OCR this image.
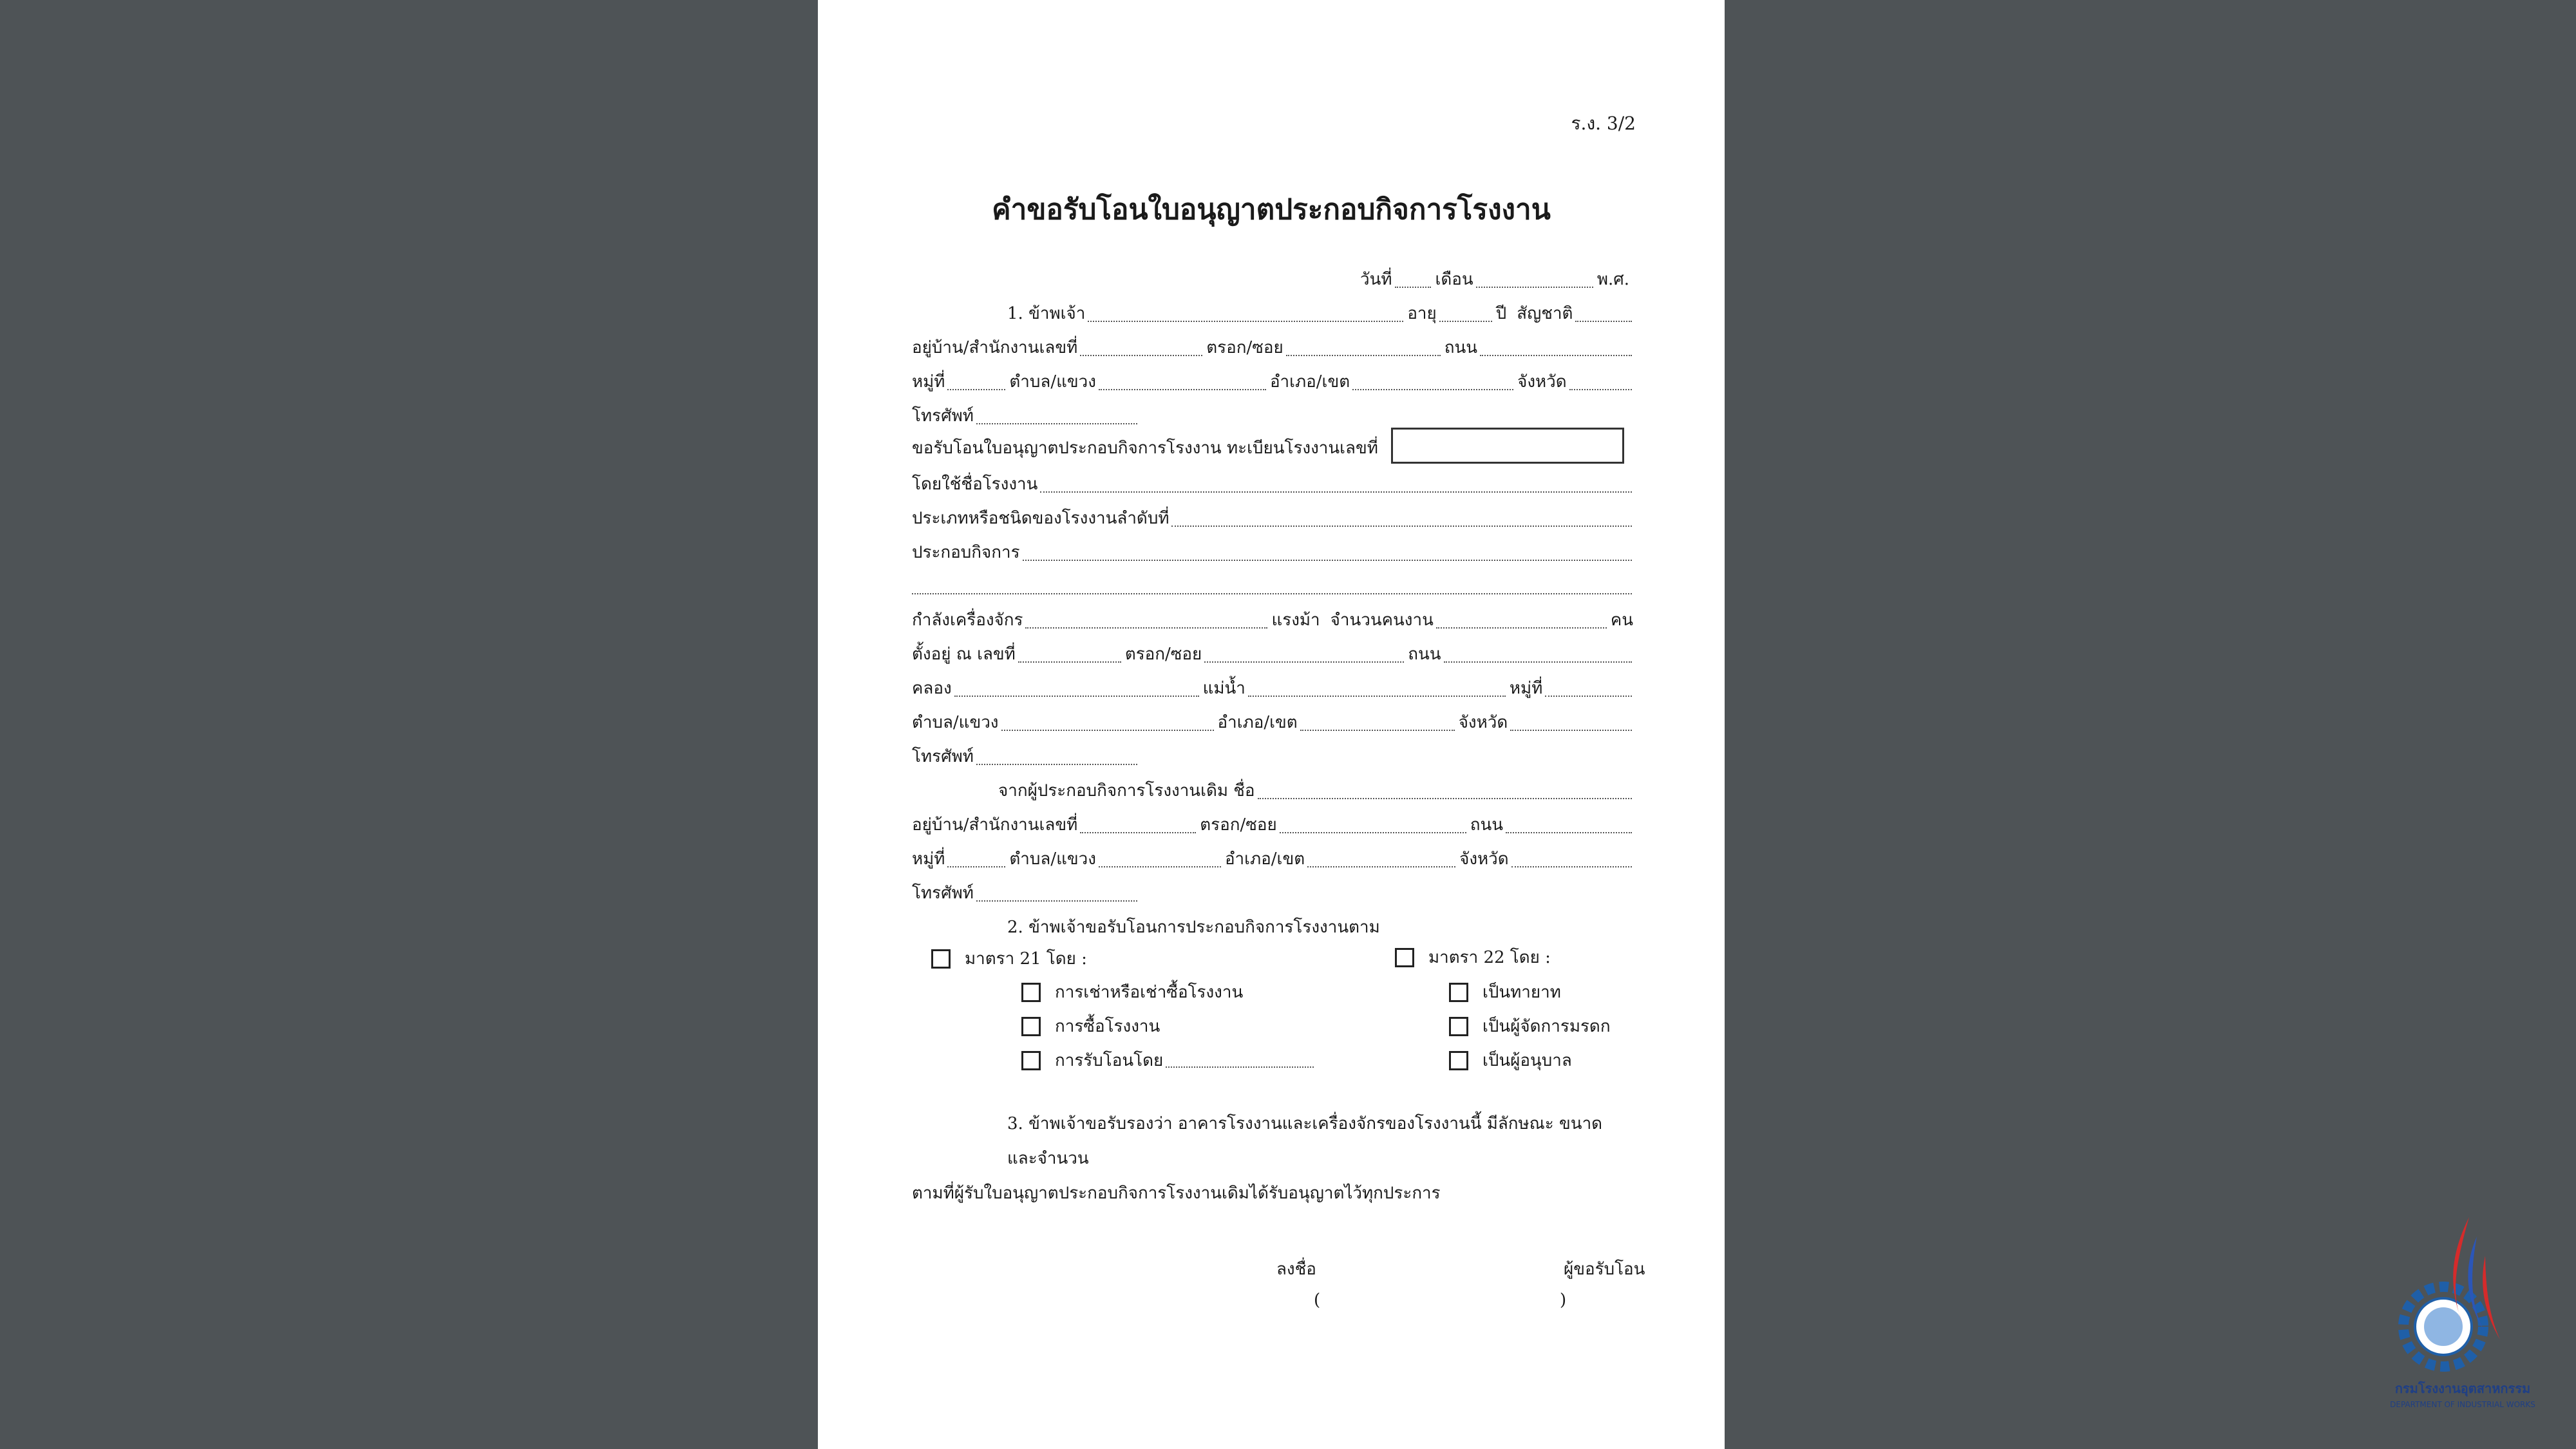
ร.ง. 3/2
คำขอรับโอนใบอนุญาตประกอบกิจการโรงงาน
วันที่	เดือน	พ.ศ.
1. ข้าพเจ้า	อายุ	ปี สัญชาติ
อยู่บ้าน/สำนักงานเลขที่	ตรอก/ซอย	ถนน
หมู่ที่	ตำบล/แขวง	อำเภอ/เขต	จังหวัด
โทรศัพท์
ขอรับโอนใบอนุญาตประกอบกิจการโรงงาน ทะเบียนโรงงานเลขที่
โดยใช้ชื่อโรงงาน
ประเภทหรือชนิดของโรงงานลำดับที่
ประกอบกิจการ
กำลังเครื่องจักร	แรงม้า จำนวนคนงาน	คน
ตั้งอยู่ ณ เลขที่	ตรอก/ซอย	ถนน
คลอง	แม่น้ำ	หมู่ที่
ตำบล/แขวง	อำเภอ/เขต	จังหวัด
โทรศัพท์
จากผู้ประกอบกิจการโรงงานเดิม ชื่อ
อยู่บ้าน/สำนักงานเลขที่	ตรอก/ซอย	ถนน
หมู่ที่	ตำบล/แขวง	อำเภอ/เขต	จังหวัด
โทรศัพท์
2. ข้าพเจ้าขอรับโอนการประกอบกิจการโรงงานตาม
มาตรา 21 โดย :	มาตรา 22 โดย :
การเช่าหรือเช่าซื้อโรงงาน
การซื้อโรงงาน
การรับโอนโดย
เป็นทายาท
เป็นผู้จัดการมรดก
เป็นผู้อนุบาล
3. ข้าพเจ้าขอรับรองว่า อาคารโรงงานและเครื่องจักรของโรงงานนี้ มีลักษณะ ขนาด และจำนวน
ตามที่ผู้รับใบอนุญาตประกอบกิจการโรงงานเดิมได้รับอนุญาตไว้ทุกประการ
ลงชื่อ	ผู้ขอรับโอน
(	)
กรมโรงงานอุตสาหกรรม
DEPARTMENT OF INDUSTRIAL WORKS
